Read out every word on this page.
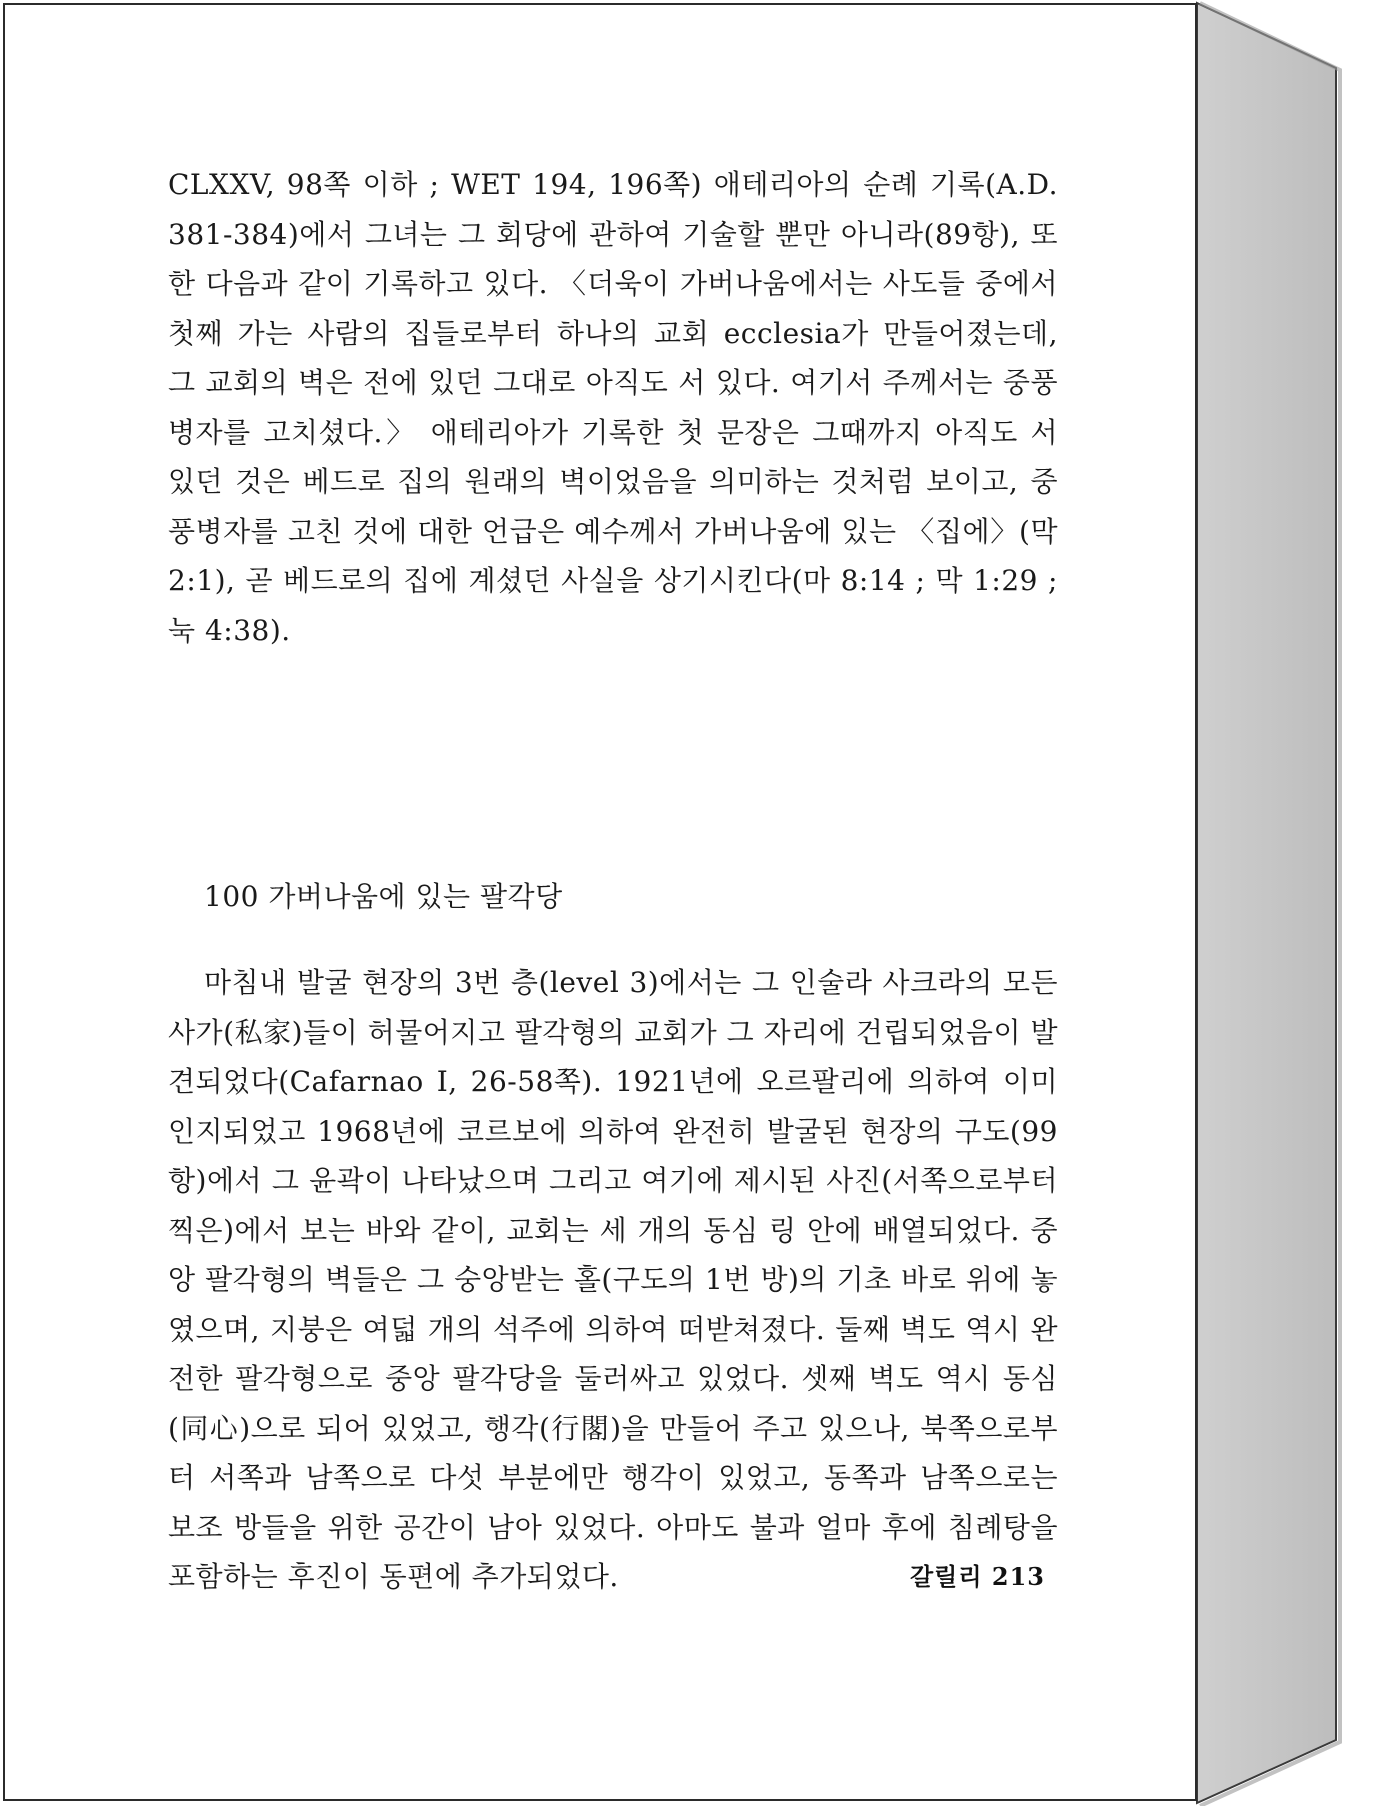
CLXXV, 98쪽 이하 ; WET 194, 196쪽) 애테리아의 순례 기록(A.D. 381-384)에서 그녀는 그 회당에 관하여 기술할 뿐만 아니라(89항), 또한 다음과 같이 기록하고 있다. 〈더욱이 가버나움에서는 사도들 중에서 첫째 가는 사람의 집들로부터 하나의 교회 ecclesia가 만들어졌는데, 그 교회의 벽은 전에 있던 그대로 아직도 서 있다. 여기서 주께서는 중풍병자를 고치셨다.〉 애테리아가 기록한 첫 문장은 그때까지 아직도 서 있던 것은 베드로 집의 원래의 벽이었음을 의미하는 것처럼 보이고, 중풍병자를 고친 것에 대한 언급은 예수께서 가버나움에 있는 〈집에〉(막 2:1), 곧 베드로의 집에 계셨던 사실을 상기시킨다(마 8:14 ; 막 1:29 ; 눅 4:38).

100 가버나움에 있는 팔각당

마침내 발굴 현장의 3번 층(level 3)에서는 그 인술라 사크라의 모든 사가(私家)들이 허물어지고 팔각형의 교회가 그 자리에 건립되었음이 발견되었다(Cafarnao I, 26-58쪽). 1921년에 오르팔리에 의하여 이미 인지되었고 1968년에 코르보에 의하여 완전히 발굴된 현장의 구도(99항)에서 그 윤곽이 나타났으며 그리고 여기에 제시된 사진(서쪽으로부터 찍은)에서 보는 바와 같이, 교회는 세 개의 동심 링 안에 배열되었다. 중앙 팔각형의 벽들은 그 숭앙받는 홀(구도의 1번 방)의 기초 바로 위에 놓였으며, 지붕은 여덟 개의 석주에 의하여 떠받쳐졌다. 둘째 벽도 역시 완전한 팔각형으로 중앙 팔각당을 둘러싸고 있었다. 셋째 벽도 역시 동심(同心)으로 되어 있었고, 행각(行閣)을 만들어 주고 있으나, 북쪽으로부터 서쪽과 남쪽으로 다섯 부분에만 행각이 있었고, 동쪽과 남쪽으로는 보조 방들을 위한 공간이 남아 있었다. 아마도 불과 얼마 후에 침례탕을 포함하는 후진이 동편에 추가되었다.	갈릴리 213
